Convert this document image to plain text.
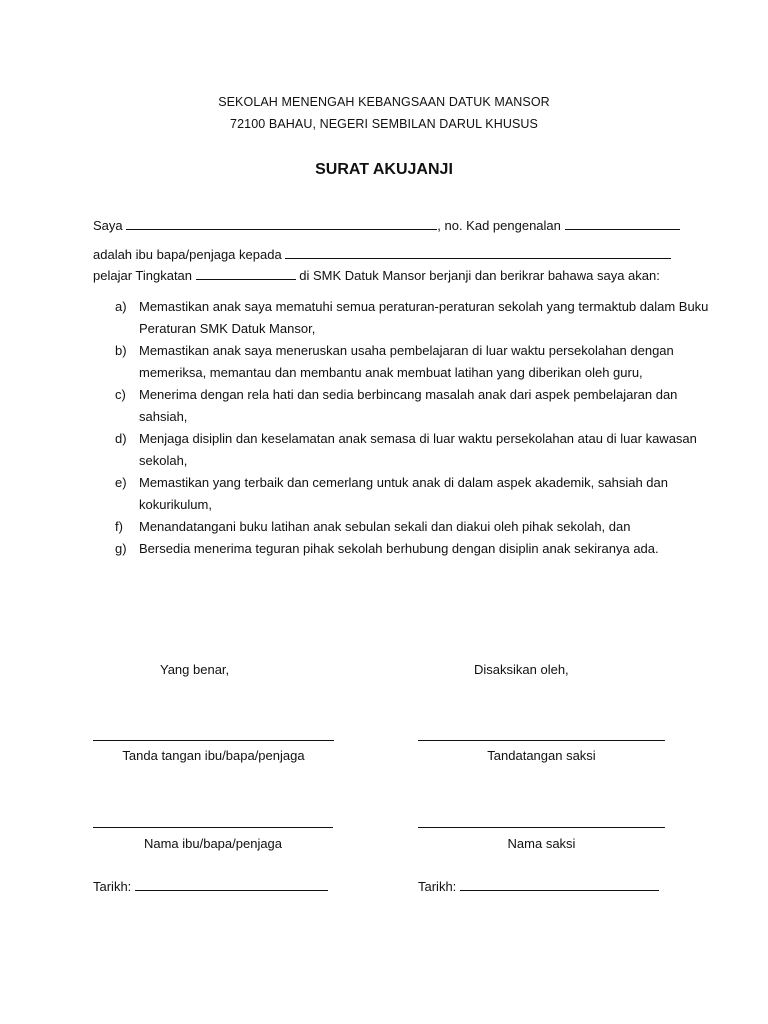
SEKOLAH MENENGAH KEBANGSAAN DATUK MANSOR
72100 BAHAU, NEGERI SEMBILAN DARUL KHUSUS
SURAT AKUJANJI
Saya	, no. Kad pengenalan
adalah ibu bapa/penjaga kepada
pelajar Tingkatan	di SMK Datuk Mansor berjanji dan berikrar bahawa saya akan:
a) Memastikan anak saya mematuhi semua peraturan-peraturan sekolah yang termaktub dalam Buku Peraturan SMK Datuk Mansor,
b) Memastikan anak saya meneruskan usaha pembelajaran di luar waktu persekolahan dengan memeriksa, memantau dan membantu anak membuat latihan yang diberikan oleh guru,
c) Menerima dengan rela hati dan sedia berbincang masalah anak dari aspek pembelajaran dan sahsiah,
d) Menjaga disiplin dan keselamatan anak semasa di luar waktu persekolahan atau di luar kawasan sekolah,
e) Memastikan yang terbaik dan cemerlang untuk anak di dalam aspek akademik, sahsiah dan kokurikulum,
f) Menandatangani buku latihan anak sebulan sekali dan diakui oleh pihak sekolah, dan
g) Bersedia menerima teguran pihak sekolah berhubung dengan disiplin anak sekiranya ada.
Yang benar,	Disaksikan oleh,
Tanda tangan ibu/bapa/penjaga	Tandatangan saksi
Nama ibu/bapa/penjaga	Nama saksi
Tarikh:	Tarikh:
